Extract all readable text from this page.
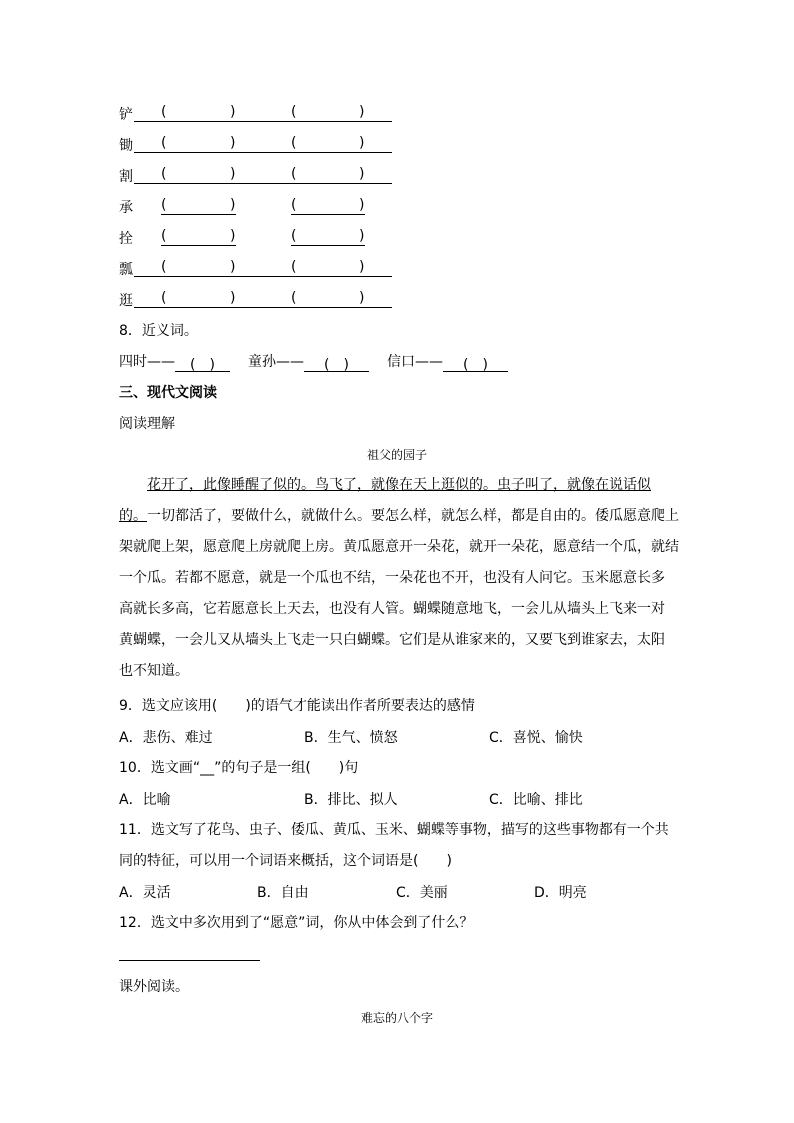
铲 (	)	(	)
锄 (	)	(	)
割 (	)	(	)
承 (	)	(	)
拴 (	)	(	)
瓢 (	)	(	)
逛 (	)	(	)
8．近义词。
四时—— (　) 童孙—— (　)	信口—— (　)
三、现代文阅读
阅读理解
祖父的园子
花开了，此像睡醒了似的。鸟飞了，就像在天上逛似的。虫子叫了，就像在说话似
的。一切都活了，要做什么，就做什么。要怎么样，就怎么样，都是自由的。倭瓜愿意爬上
架就爬上架，愿意爬上房就爬上房。黄瓜愿意开一朵花，就开一朵花，愿意结一个瓜，就结
一个瓜。若都不愿意，就是一个瓜也不结，一朵花也不开，也没有人问它。玉米愿意长多
高就长多高，它若愿意长上天去，也没有人管。蝴蝶随意地飞，一会儿从墙头上飞来一对
黄蝴蝶，一会儿又从墙头上飞走一只白蝴蝶。它们是从谁家来的，又要飞到谁家去，太阳
也不知道。
9．选文应该用(　　)的语气才能读出作者所要表达的感情
A．悲伤、难过	B．生气、愤怒	C．喜悦、愉快
10．选文画“__”的句子是一组(　　)句
A．比喻	B．排比、拟人	C．比喻、排比
11．选文写了花鸟、虫子、倭瓜、黄瓜、玉米、蝴蝶等事物，描写的这些事物都有一个共
同的特征，可以用一个词语来概括，这个词语是(　　)
A．灵活	B．自由	C．美丽	D．明亮
12．选文中多次用到了“愿意”词，你从中体会到了什么？
课外阅读。
难忘的八个字
